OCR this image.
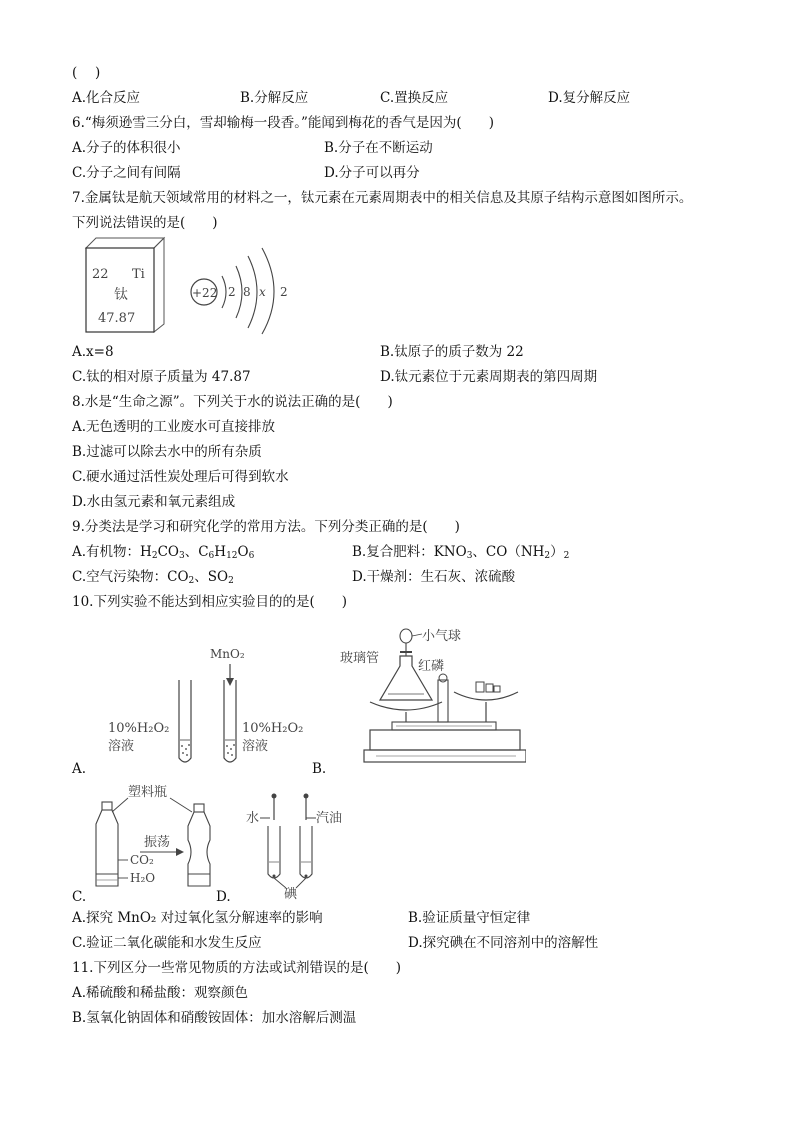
(　 )
A.化合反应	B.分解反应	C.置换反应	D.复分解反应
6.“梅须逊雪三分白，雪却输梅一段香。”能闻到梅花的香气是因为(　　)
A.分子的体积很小	B.分子在不断运动
C.分子之间有间隔	D.分子可以再分
7.金属钛是航天领域常用的材料之一，钛元素在元素周期表中的相关信息及其原子结构示意图如图所示。
下列说法错误的是(　　)
22 Ti
钛
47.87
+22 2 8 x 2
A.x=8	B.钛原子的质子数为 22
C.钛的相对原子质量为 47.87	D.钛元素位于元素周期表的第四周期
8.水是“生命之源”。下列关于水的说法正确的是(　　)
A.无色透明的工业废水可直接排放
B.过滤可以除去水中的所有杂质
C.硬水通过活性炭处理后可得到软水
D.水由氢元素和氧元素组成
9.分类法是学习和研究化学的常用方法。下列分类正确的是(　　)
A.有机物：$H_2CO_3$、$C_6H_{12}O_6$	B.复合肥料：$KNO_3$、$CO(NH_2)_2$
C.空气污染物：$CO_2$、$SO_2$	D.干燥剂：生石灰、浓硫酸
10.下列实验不能达到相应实验目的的是(　　)
MnO₂
10%H₂O₂
溶液
10%H₂O₂
溶液
A.
小气球
玻璃管
红磷
B.
塑料瓶
振荡
CO₂
H₂O
C.
水	汽油
碘
D.
A.探究 MnO₂ 对过氧化氢分解速率的影响	B.验证质量守恒定律
C.验证二氧化碳能和水发生反应	D.探究碘在不同溶剂中的溶解性
11.下列区分一些常见物质的方法或试剂错误的是(　　)
A.稀硫酸和稀盐酸：观察颜色
B.氢氧化钠固体和硝酸铵固体：加水溶解后测温
